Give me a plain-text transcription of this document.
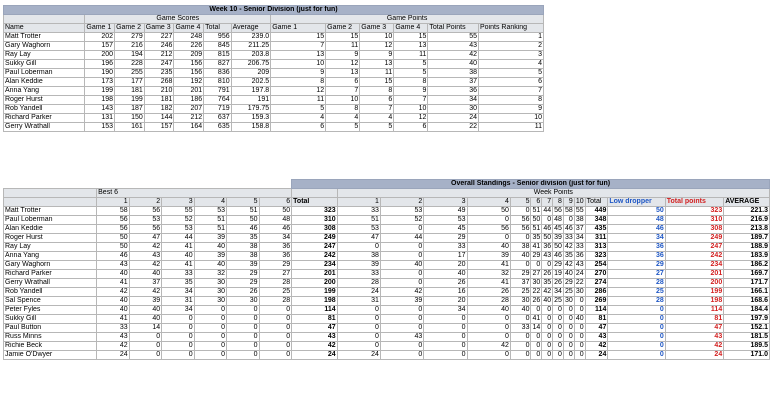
Week 10 - Senior Division (just for fun)												
	Game Scores						Game Points					
Name	Game 1	Game 2	Game 3	Game 4	Total	Average	Game 1	Game 2	Game 3	Game 4	Total Points	Points Ranking
Matt Trotter	202	279	227	248	956	239.0	15	15	10	15	55	1
Gary Waghorn	157	216	246	226	845	211.25	7	11	12	13	43	2
Ray Lay	200	194	212	209	815	203.8	13	9	9	11	42	3
Sukky Gill	196	228	247	156	827	206.75	10	12	13	5	40	4
Paul Loberman	190	255	235	156	836	209	9	13	11	5	38	5
Alan Keddie	173	177	268	192	810	202.5	8	6	15	8	37	6
Anna Yang	199	181	210	201	791	197.8	12	7	8	9	36	7
Roger Hurst	198	199	181	186	764	191	11	10	6	7	34	8
Rob Yandell	143	187	182	207	719	179.75	5	8	7	10	30	9
Richard Parker	131	150	144	212	637	159.3	4	4	4	12	24	10
Gerry Wrathall	153	161	157	164	635	158.8	6	5	5	6	22	11
							Overall Standings - Senior division (just for fun)														
	Best 6							Week Points													
	1	2	3	4	5	6	Total	1	2	3	4	5	6	7	8	9	10	Total	Low dropper	Total points	AVERAGE
Matt Trotter	58	56	55	53	51	50	323	33	53	49	50	0	51	44	56	58	55	449	50	323	221.3
Paul Loberman	56	53	52	51	50	48	310	51	52	53	0	56	50	0	48	0	38	348	48	310	216.9
Alan Keddie	56	56	53	51	46	46	308	53	0	45	56	56	51	46	45	46	37	435	46	308	213.8
Roger Hurst	50	47	44	39	35	34	249	47	44	29	0	0	35	50	39	33	34	311	34	249	189.7
Ray Lay	50	42	41	40	38	36	247	0	0	33	40	38	41	36	50	42	33	313	36	247	188.9
Anna Yang	46	43	40	39	38	36	242	38	0	17	39	40	29	43	46	35	36	323	36	242	183.9
Gary Waghorn	43	42	41	40	39	29	234	39	40	20	41	0	0	0	29	42	43	254	29	234	186.2
Richard Parker	40	40	33	32	29	27	201	33	0	40	32	29	27	26	19	40	24	270	27	201	169.7
Gerry Wrathall	41	37	35	30	29	28	200	28	0	26	41	37	30	35	26	29	22	274	28	200	171.7
Rob Yandell	42	42	34	30	26	25	199	24	42	16	26	25	22	42	34	25	30	286	25	199	166.1
Sal Spence	40	39	31	30	30	28	198	31	39	20	28	30	26	40	25	30	0	269	28	198	168.6
Peter Fyles	40	40	34	0	0	0	114	0	0	34	40	40	0	0	0	0	0	114	0	114	184.4
Sukky Gill	41	40	0	0	0	0	81	0	0	0	0	0	41	0	0	0	40	81	0	81	197.9
Paul Button	33	14	0	0	0	0	47	0	0	0	0	33	14	0	0	0	0	47	0	47	152.1
Russ Minns	43	0	0	0	0	0	43	0	43	0	0	0	0	0	0	0	0	43	0	43	181.5
Richie Beck	42	0	0	0	0	0	42	0	0	0	42	0	0	0	0	0	0	42	0	42	189.5
Jamie O'Dwyer	24	0	0	0	0	0	24	24	0	0	0	0	0	0	0	0	0	24	0	24	171.0
